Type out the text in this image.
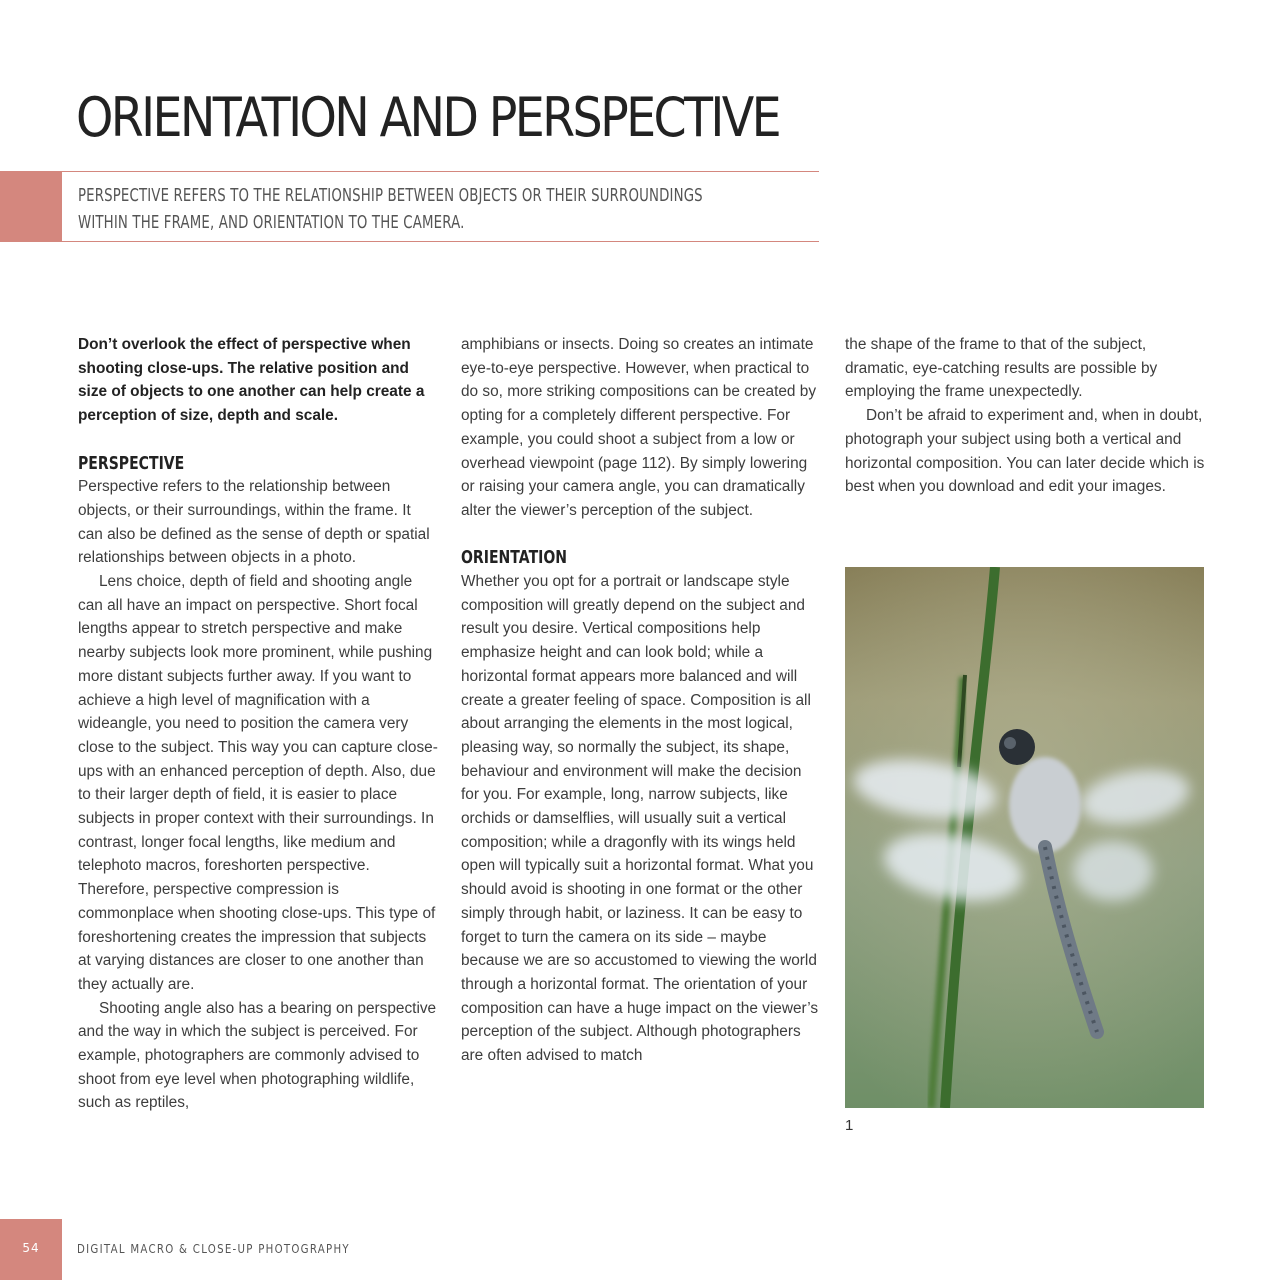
ORIENTATION AND PERSPECTIVE
PERSPECTIVE REFERS TO THE RELATIONSHIP BETWEEN OBJECTS OR THEIR SURROUNDINGS
WITHIN THE FRAME, AND ORIENTATION TO THE CAMERA.

Don’t overlook the effect of perspective when shooting close-ups. The relative position and size of objects to one another can help create a perception of size, depth and scale.

PERSPECTIVE

Perspective refers to the relationship between objects, or their surroundings, within the frame. It can also be defined as the sense of depth or spatial relationships between objects in a photo.

Lens choice, depth of field and shooting angle can all have an impact on perspective. Short focal lengths appear to stretch perspective and make nearby subjects look more prominent, while pushing more distant subjects further away. If you want to achieve a high level of magnification with a wideangle, you need to position the camera very close to the subject. This way you can capture close-ups with an enhanced perception of depth. Also, due to their larger depth of field, it is easier to place subjects in proper context with their surroundings. In contrast, longer focal lengths, like medium and telephoto macros, foreshorten perspective. Therefore, perspective compression is commonplace when shooting close-ups. This type of foreshortening creates the impression that subjects at varying distances are closer to one another than they actually are.

Shooting angle also has a bearing on perspective and the way in which the subject is perceived. For example, photographers are commonly advised to shoot from eye level when photographing wildlife, such as reptiles,

amphibians or insects. Doing so creates an intimate eye-to-eye perspective. However, when practical to do so, more striking compositions can be created by opting for a completely different perspective. For example, you could shoot a subject from a low or overhead viewpoint (page 112). By simply lowering or raising your camera angle, you can dramatically alter the viewer’s perception of the subject.

ORIENTATION

Whether you opt for a portrait or landscape style composition will greatly depend on the subject and result you desire. Vertical compositions help emphasize height and can look bold; while a horizontal format appears more balanced and will create a greater feeling of space. Composition is all about arranging the elements in the most logical, pleasing way, so normally the subject, its shape, behaviour and environment will make the decision for you. For example, long, narrow subjects, like orchids or damselflies, will usually suit a vertical composition; while a dragonfly with its wings held open will typically suit a horizontal format. What you should avoid is shooting in one format or the other simply through habit, or laziness. It can be easy to forget to turn the camera on its side – maybe because we are so accustomed to viewing the world through a horizontal format. The orientation of your composition can have a huge impact on the viewer’s perception of the subject. Although photographers are often advised to match

the shape of the frame to that of the subject, dramatic, eye-catching results are possible by employing the frame unexpectedly.

Don’t be afraid to experiment and, when in doubt, photograph your subject using both a vertical and horizontal composition. You can later decide which is best when you download and edit your images.

1
54	DIGITAL MACRO & CLOSE-UP PHOTOGRAPHY
